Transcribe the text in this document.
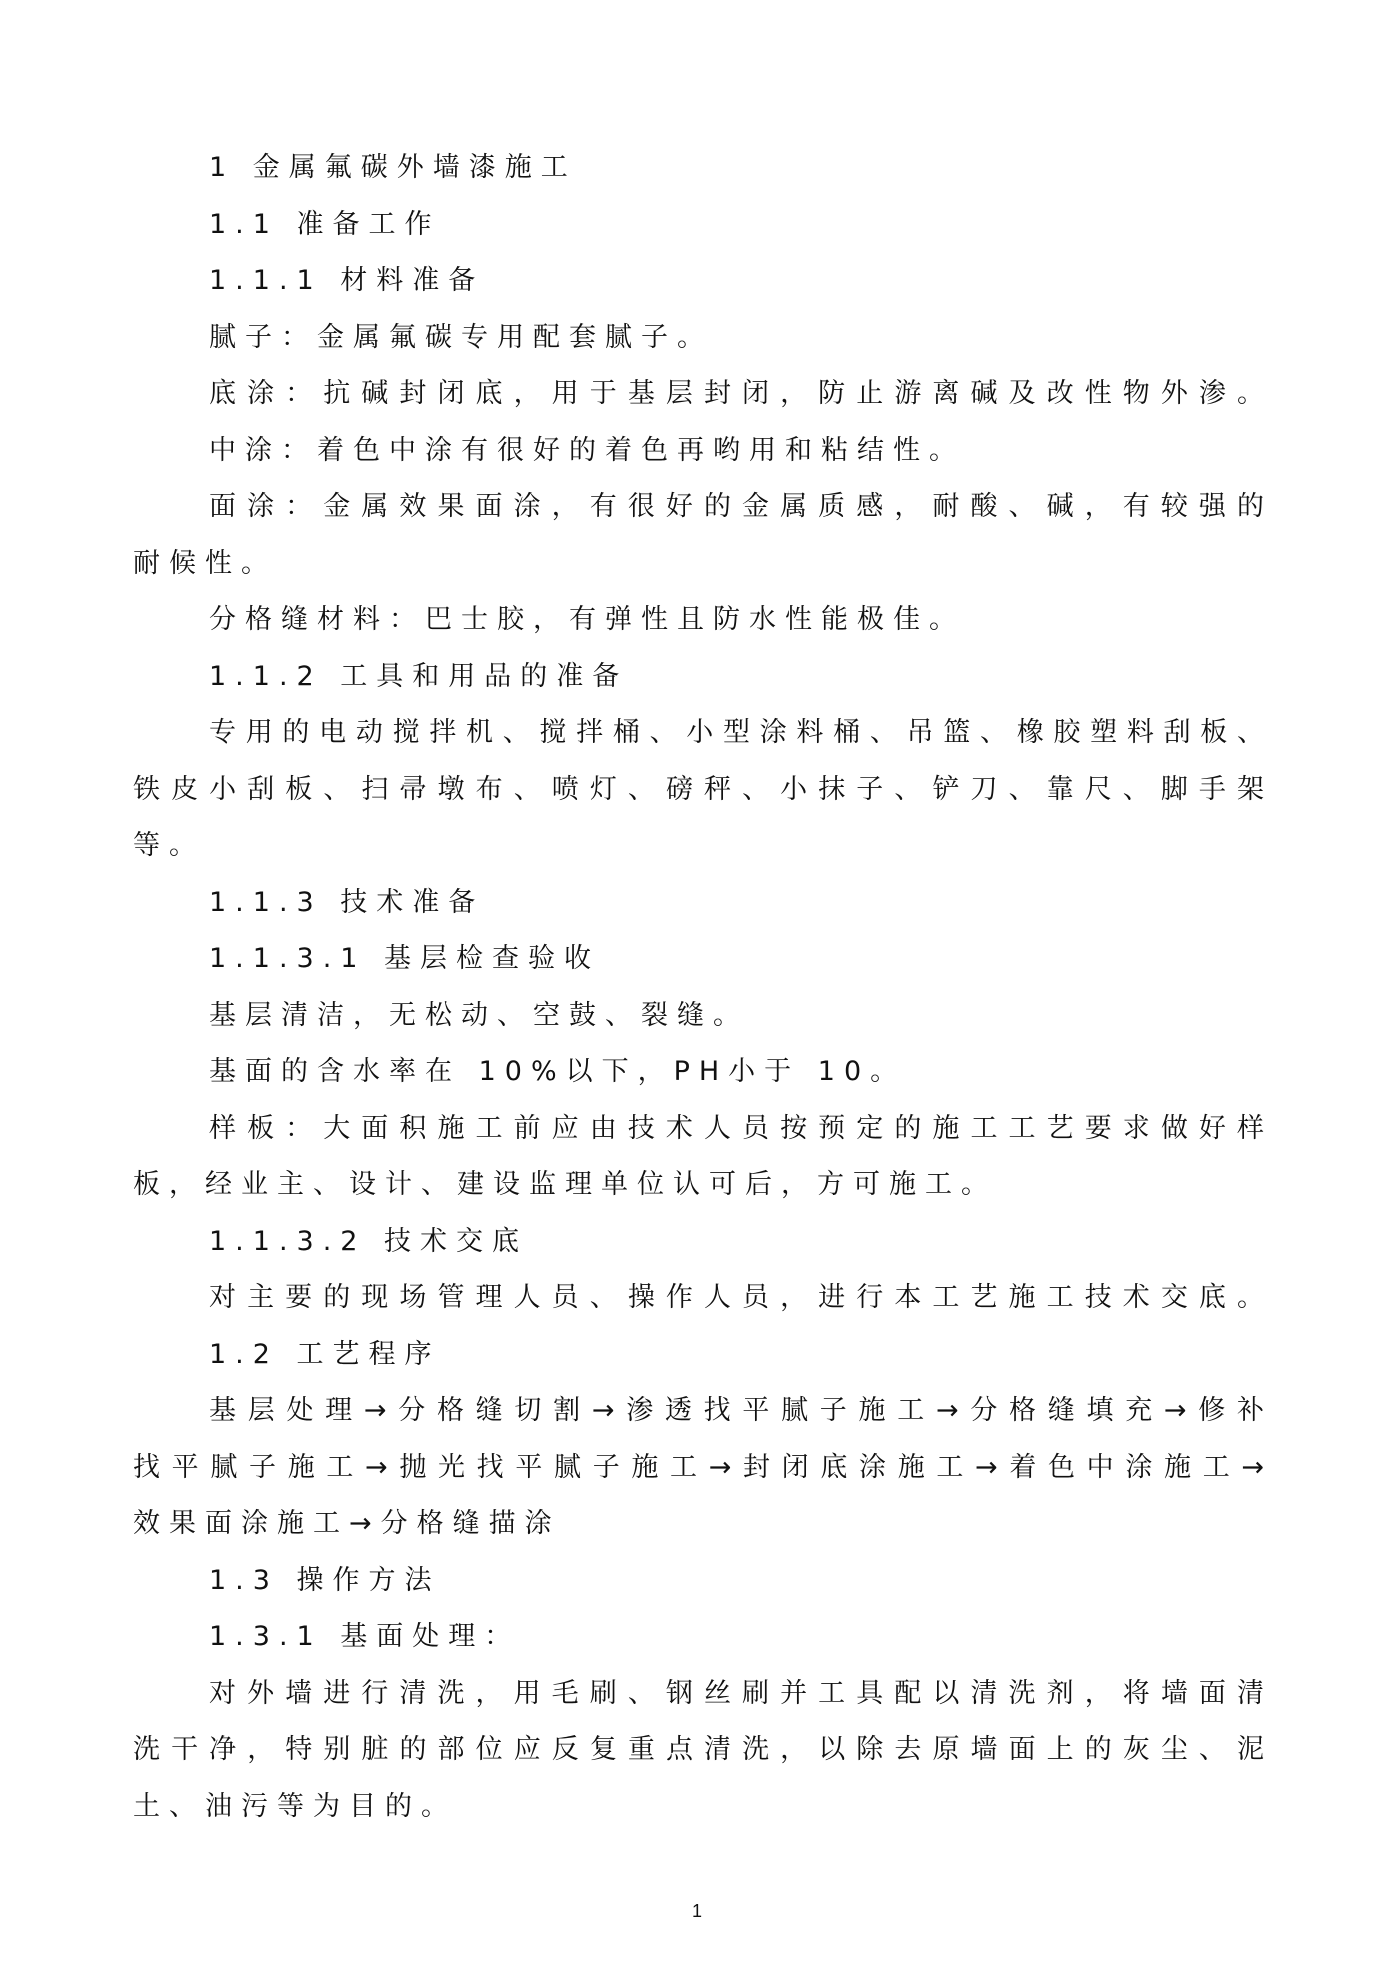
1 金属氟碳外墙漆施工
1.1 准备工作
1.1.1 材料准备
腻子：金属氟碳专用配套腻子。
底涂：抗碱封闭底，用于基层封闭，防止游离碱及改性物外渗。
中涂：着色中涂有很好的着色再哟用和粘结性。
面涂：金属效果面涂，有很好的金属质感，耐酸、碱，有较强的
耐候性。
分格缝材料：巴士胶，有弹性且防水性能极佳。
1.1.2 工具和用品的准备
专用的电动搅拌机、搅拌桶、小型涂料桶、吊篮、橡胶塑料刮板、
铁皮小刮板、扫帚墩布、喷灯、磅秤、小抹子、铲刀、靠尺、脚手架
等。
1.1.3 技术准备
1.1.3.1 基层检查验收
基层清洁，无松动、空鼓、裂缝。
基面的含水率在 10%以下，PH小于 10。
样板：大面积施工前应由技术人员按预定的施工工艺要求做好样
板，经业主、设计、建设监理单位认可后，方可施工。
1.1.3.2 技术交底
对主要的现场管理人员、操作人员，进行本工艺施工技术交底。
1.2 工艺程序
基层处理→分格缝切割→渗透找平腻子施工→分格缝填充→修补
找平腻子施工→抛光找平腻子施工→封闭底涂施工→着色中涂施工→
效果面涂施工→分格缝描涂
1.3 操作方法
1.3.1 基面处理：
对外墙进行清洗，用毛刷、钢丝刷并工具配以清洗剂，将墙面清
洗干净，特别脏的部位应反复重点清洗，以除去原墙面上的灰尘、泥
土、油污等为目的。
1
